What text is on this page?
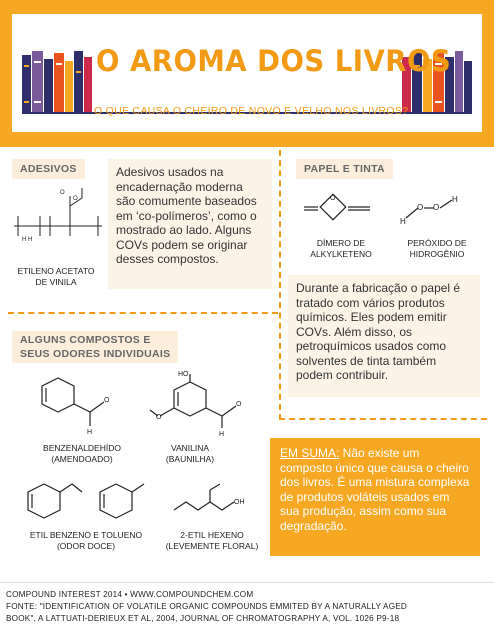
O AROMA DOS LIVROS
O QUE CAUSA O CHEIRO DE NOVO E VELHO NOS LIVROS?
ADESIVOS
H H
O
O
ETILENO ACETATO
DE VINILA
Adesivos usados na encadernação moderna são comumente baseados em ‘co-polímeros’, como o mostrado ao lado. Alguns COVs podem se originar desses compostos.
PAPEL E TINTA
O
DÍMERO DE
ALKYLKETENO
H
O O
H
PERÓXIDO DE
HIDROGÊNIO
Durante a fabricação o papel é tratado com vários produtos químicos. Eles podem emitir COVs. Além disso, os petroquímicos usados como solventes de tinta também podem contribuir.
ALGUNS COMPOSTOS E
SEUS ODORES INDIVIDUAIS
O
H
BENZENALDEHÍDO
(AMENDOADO)
HO
O
H
O
VANILINA
(BAUNILHA)
ETIL BENZENO E TOLUENO
(ODOR DOCE)
OH
2-ETIL HEXENO
(LEVEMENTE FLORAL)
EM SUMA: Não existe um composto único que causa o cheiro dos livros. É uma mistura complexa de produtos voláteis usados em sua produção, assim como sua degradação.
COMPOUND INTEREST 2014 • WWW.COMPOUNDCHEM.COM
FONTE: "IDENTIFICATION OF VOLATILE ORGANIC COMPOUNDS EMMITED BY A NATURALLY AGED
BOOK", A LATTUATI-DERIEUX ET AL, 2004, JOURNAL OF CHROMATOGRAPHY A, VOL. 1026 P9-18
